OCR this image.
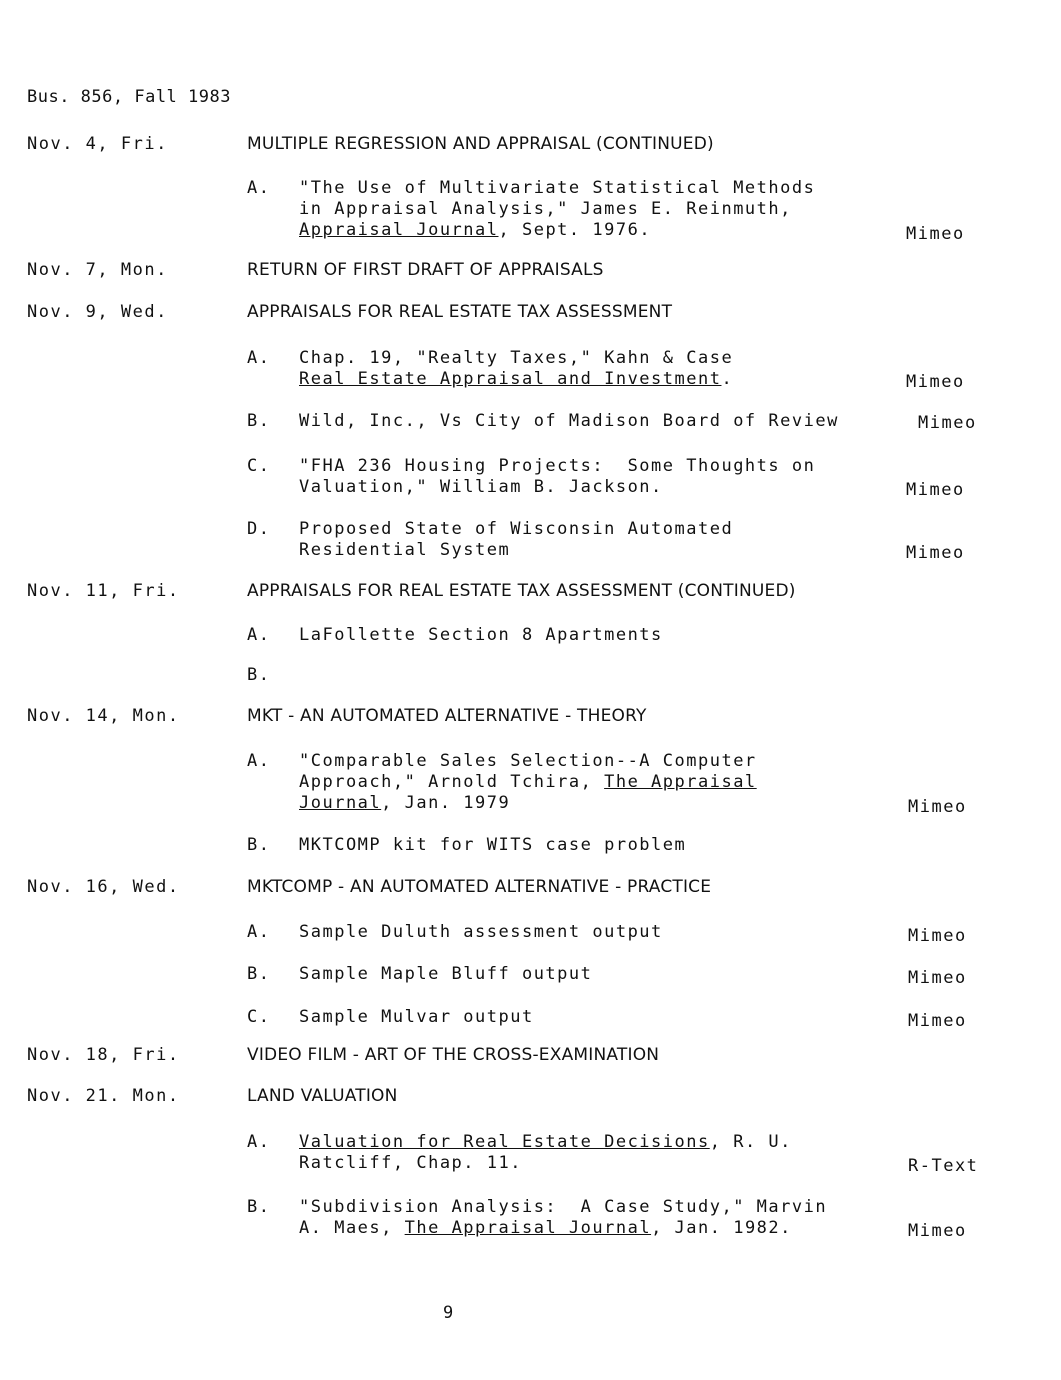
Bus. 856, Fall 1983
Nov. 4, Fri.	MULTIPLE REGRESSION AND APPRAISAL (CONTINUED)
A. "The Use of Multivariate Statistical Methods
in Appraisal Analysis," James E. Reinmuth,
Appraisal Journal, Sept. 1976.	Mimeo
Nov. 7, Mon.	RETURN OF FIRST DRAFT OF APPRAISALS
Nov. 9, Wed.	APPRAISALS FOR REAL ESTATE TAX ASSESSMENT
A. Chap. 19, "Realty Taxes," Kahn & Case
Real Estate Appraisal and Investment.	Mimeo
B. Wild, Inc., Vs City of Madison Board of Review	Mimeo
C. "FHA 236 Housing Projects:  Some Thoughts on
Valuation," William B. Jackson.	Mimeo
D. Proposed State of Wisconsin Automated
Residential System	Mimeo
Nov. 11, Fri.	APPRAISALS FOR REAL ESTATE TAX ASSESSMENT (CONTINUED)
A. LaFollette Section 8 Apartments
B.
Nov. 14, Mon.	MKT - AN AUTOMATED ALTERNATIVE - THEORY
A. "Comparable Sales Selection--A Computer
Approach," Arnold Tchira, The Appraisal
Journal, Jan. 1979	Mimeo
B. MKTCOMP kit for WITS case problem
Nov. 16, Wed.	MKTCOMP - AN AUTOMATED ALTERNATIVE - PRACTICE
A. Sample Duluth assessment output	Mimeo
B. Sample Maple Bluff output	Mimeo
C. Sample Mulvar output	Mimeo
Nov. 18, Fri.	VIDEO FILM - ART OF THE CROSS-EXAMINATION
Nov. 21. Mon.	LAND VALUATION
A. Valuation for Real Estate Decisions, R. U.
Ratcliff, Chap. 11.	R-Text
B. "Subdivision Analysis:  A Case Study," Marvin
A. Maes, The Appraisal Journal, Jan. 1982.	Mimeo
9
